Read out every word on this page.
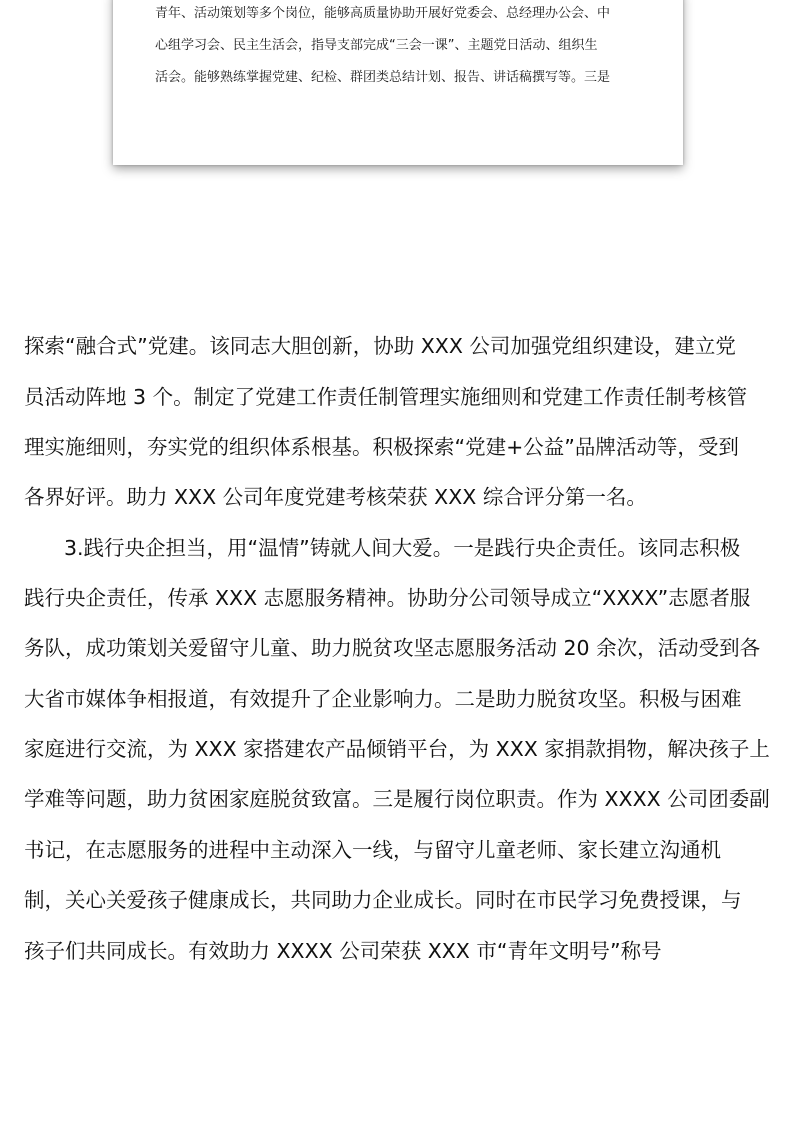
青年、活动策划等多个岗位，能够高质量协助开展好党委会、总经理办公会、中
心组学习会、民主生活会，指导支部完成“三会一课”、主题党日活动、组织生
活会。能够熟练掌握党建、纪检、群团类总结计划、报告、讲话稿撰写等。三是
探索“融合式”党建。该同志大胆创新，协助 XXX 公司加强党组织建设，建立党
员活动阵地 3 个。制定了党建工作责任制管理实施细则和党建工作责任制考核管
理实施细则，夯实党的组织体系根基。积极探索“党建+公益”品牌活动等，受到
各界好评。助力 XXX 公司年度党建考核荣获 XXX 综合评分第一名。
3.践行央企担当，用“温情”铸就人间大爱。一是践行央企责任。该同志积极
践行央企责任，传承 XXX 志愿服务精神。协助分公司领导成立“XXXX”志愿者服
务队，成功策划关爱留守儿童、助力脱贫攻坚志愿服务活动 20 余次，活动受到各
大省市媒体争相报道，有效提升了企业影响力。二是助力脱贫攻坚。积极与困难
家庭进行交流，为 XXX 家搭建农产品倾销平台，为 XXX 家捐款捐物，解决孩子上
学难等问题，助力贫困家庭脱贫致富。三是履行岗位职责。作为 XXXX 公司团委副
书记，在志愿服务的进程中主动深入一线，与留守儿童老师、家长建立沟通机
制，关心关爱孩子健康成长，共同助力企业成长。同时在市民学习免费授课，与
孩子们共同成长。有效助力 XXXX 公司荣获 XXX 市“青年文明号”称号
